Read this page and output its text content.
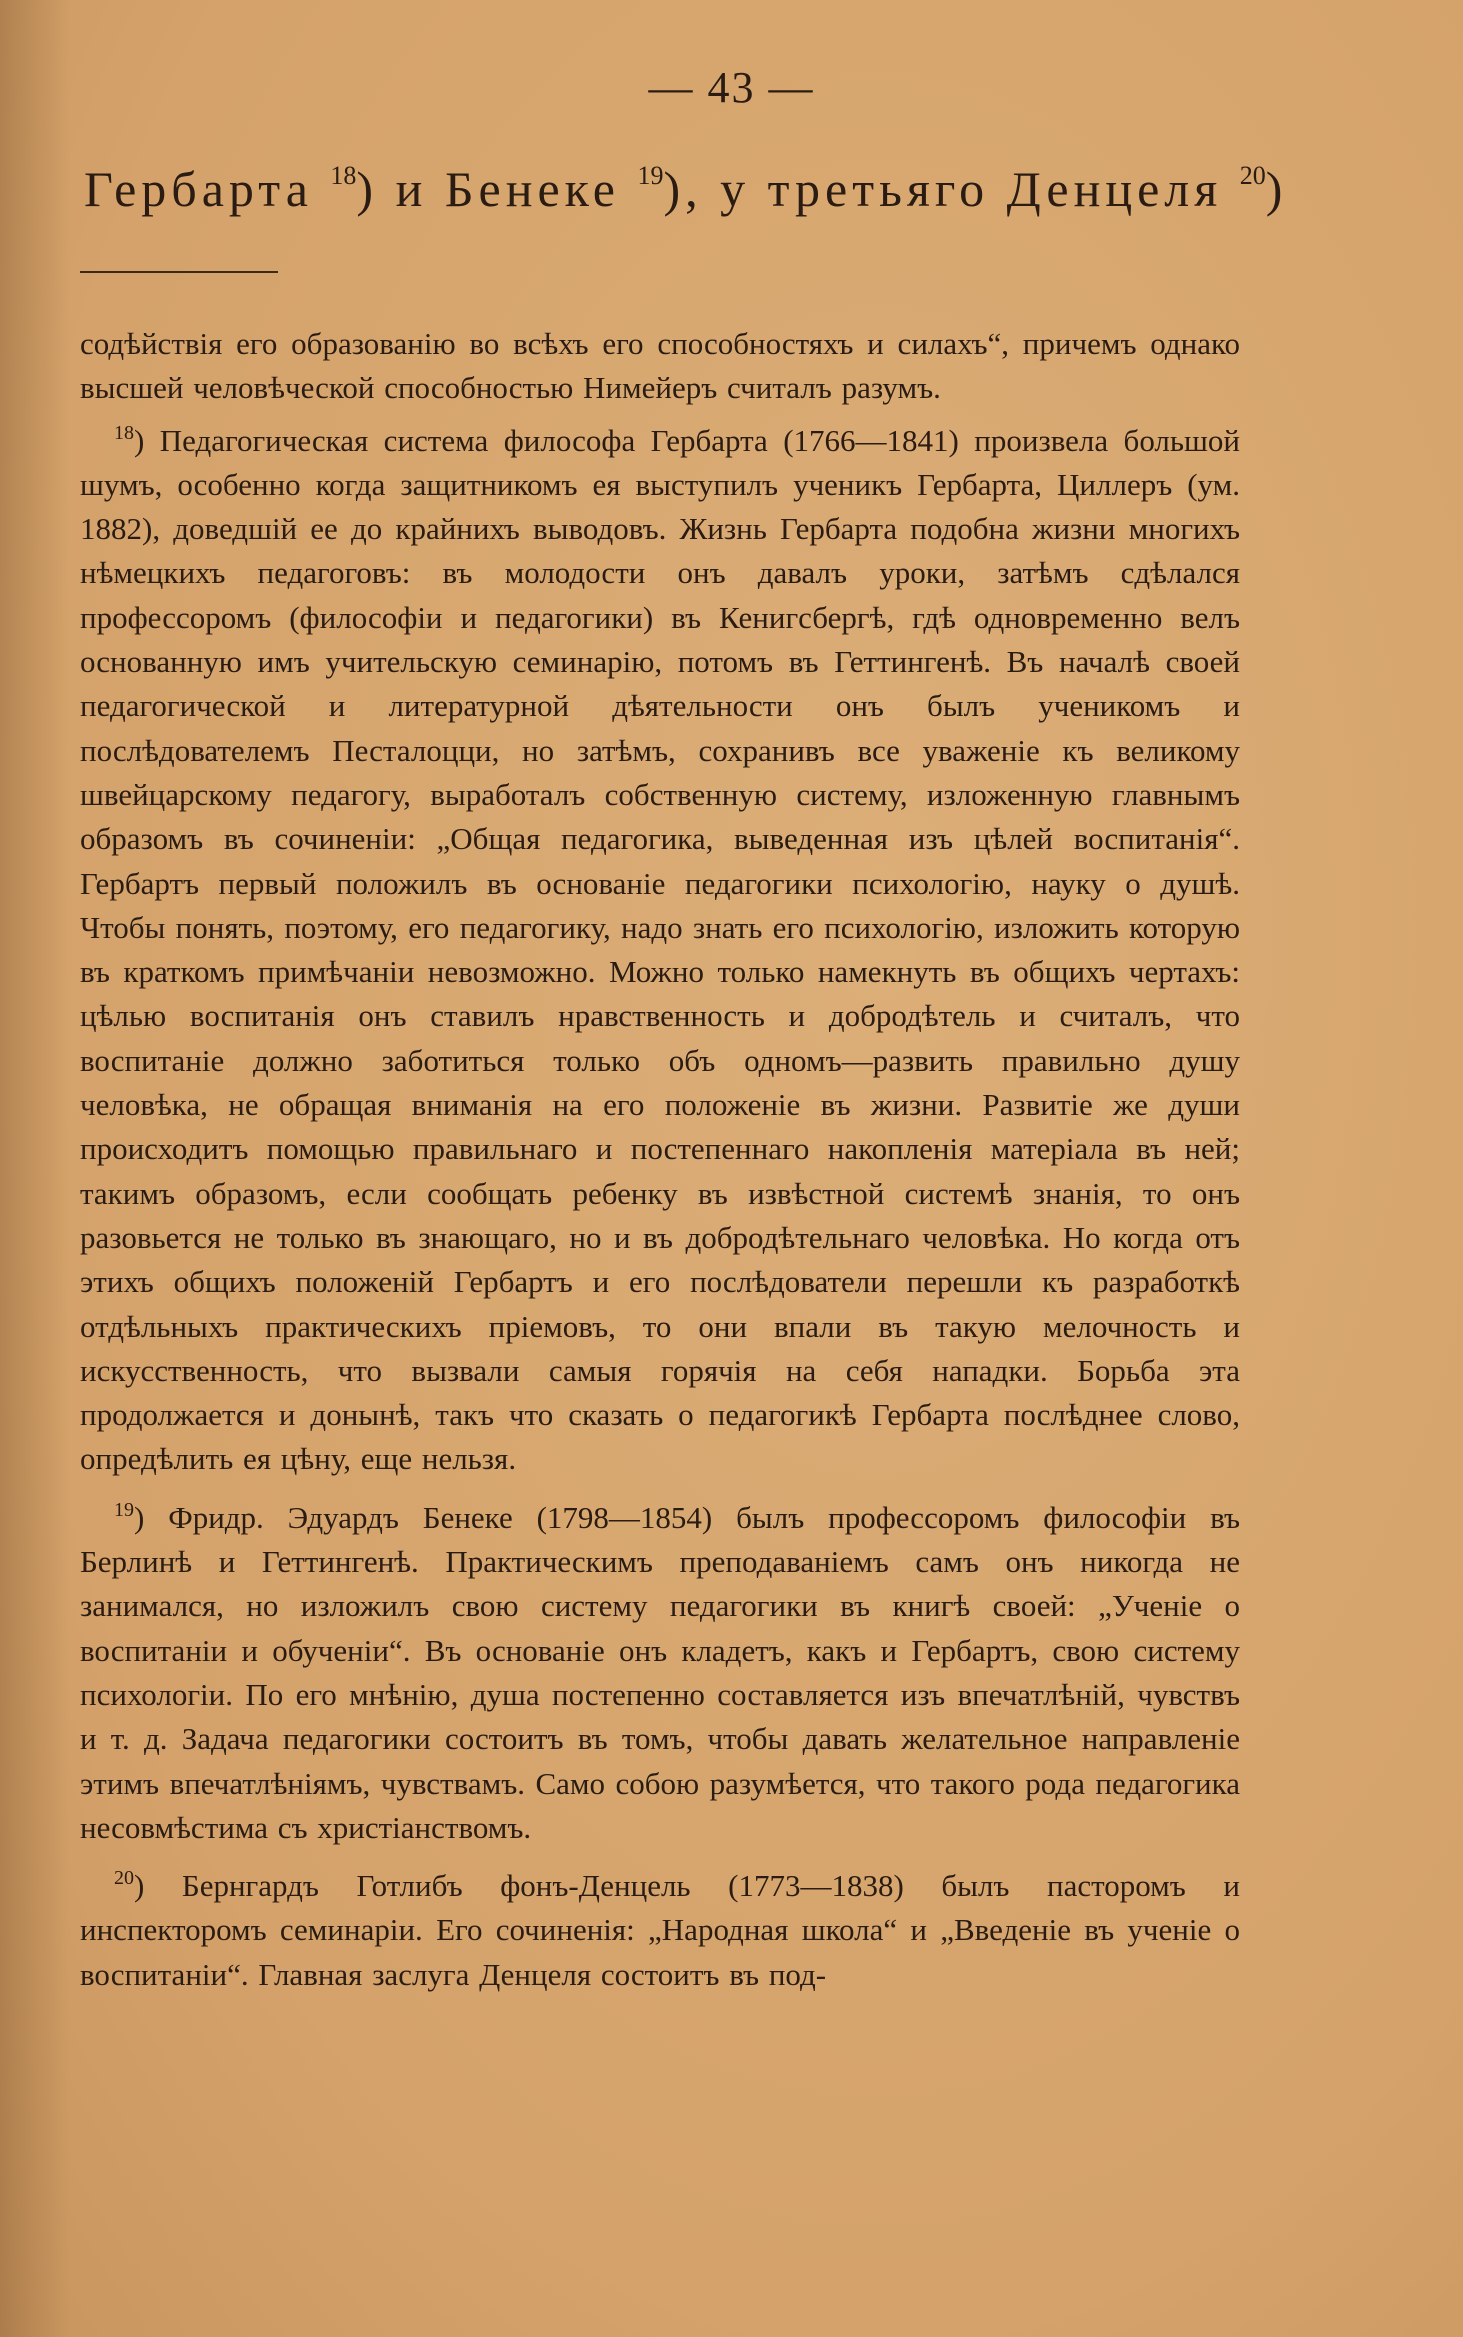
— 43 —
Гербарта $^{18}$) и Бенеке $^{19}$), у третьяго Денцеля $^{20}$)

содѣйствія его образованію во всѣхъ его способностяхъ и силахъ“, причемъ однако высшей человѣческой способностью Нимейеръ считалъ разумъ.

$^{18}$) Педагогическая система философа Гербарта (1766—1841) произвела большой шумъ, особенно когда защитникомъ ея выступилъ ученикъ Гербарта, Циллеръ (ум. 1882), доведшій ее до крайнихъ выводовъ. Жизнь Гербарта подобна жизни многихъ нѣмецкихъ педагоговъ: въ молодости онъ давалъ уроки, затѣмъ сдѣлался профессоромъ (философіи и педагогики) въ Кенигсбергѣ, гдѣ одновременно велъ основанную имъ учительскую семинарію, потомъ въ Геттингенѣ. Въ началѣ своей педагогической и литературной дѣятельности онъ былъ ученикомъ и послѣдователемъ Песталоцци, но затѣмъ, сохранивъ все уваженіе къ великому швейцарскому педагогу, выработалъ собственную систему, изложенную главнымъ образомъ въ сочиненіи: „Общая педагогика, выведенная изъ цѣлей воспитанія“. Гербартъ первый положилъ въ основаніе педагогики психологію, науку о душѣ. Чтобы понять, поэтому, его педагогику, надо знать его психологію, изложить которую въ краткомъ примѣчаніи невозможно. Можно только намекнуть въ общихъ чертахъ: цѣлью воспитанія онъ ставилъ нравственность и добродѣтель и считалъ, что воспитаніе должно заботиться только объ одномъ—развить правильно душу человѣка, не обращая вниманія на его положеніе въ жизни. Развитіе же души происходитъ помощью правильнаго и постепеннаго накопленія матеріала въ ней; такимъ образомъ, если сообщать ребенку въ извѣстной системѣ знанія, то онъ разовьется не только въ знающаго, но и въ добродѣтельнаго человѣка. Но когда отъ этихъ общихъ положеній Гербартъ и его послѣдователи перешли къ разработкѣ отдѣльныхъ практическихъ пріемовъ, то они впали въ такую мелочность и искусственность, что вызвали самыя горячія на себя нападки. Борьба эта продолжается и донынѣ, такъ что сказать о педагогикѣ Гербарта послѣднее слово, опредѣлить ея цѣну, еще нельзя.

$^{19}$) Фридр. Эдуардъ Бенеке (1798—1854) былъ профессоромъ философіи въ Берлинѣ и Геттингенѣ. Практическимъ преподаваніемъ самъ онъ никогда не занимался, но изложилъ свою систему педагогики въ книгѣ своей: „Ученіе о воспитаніи и обученіи“. Въ основаніе онъ кладетъ, какъ и Гербартъ, свою систему психологіи. По его мнѣнію, душа постепенно составляется изъ впечатлѣній, чувствъ и т. д. Задача педагогики состоитъ въ томъ, чтобы давать желательное направленіе этимъ впечатлѣніямъ, чувствамъ. Само собою разумѣется, что такого рода педагогика несовмѣстима съ христіанствомъ.

$^{20}$) Бернгардъ Готлибъ фонъ-Денцель (1773—1838) былъ пасторомъ и инспекторомъ семинаріи. Его сочиненія: „Народная школа“ и „Введеніе въ ученіе о воспитаніи“. Главная заслуга Денцеля состоитъ въ под-
